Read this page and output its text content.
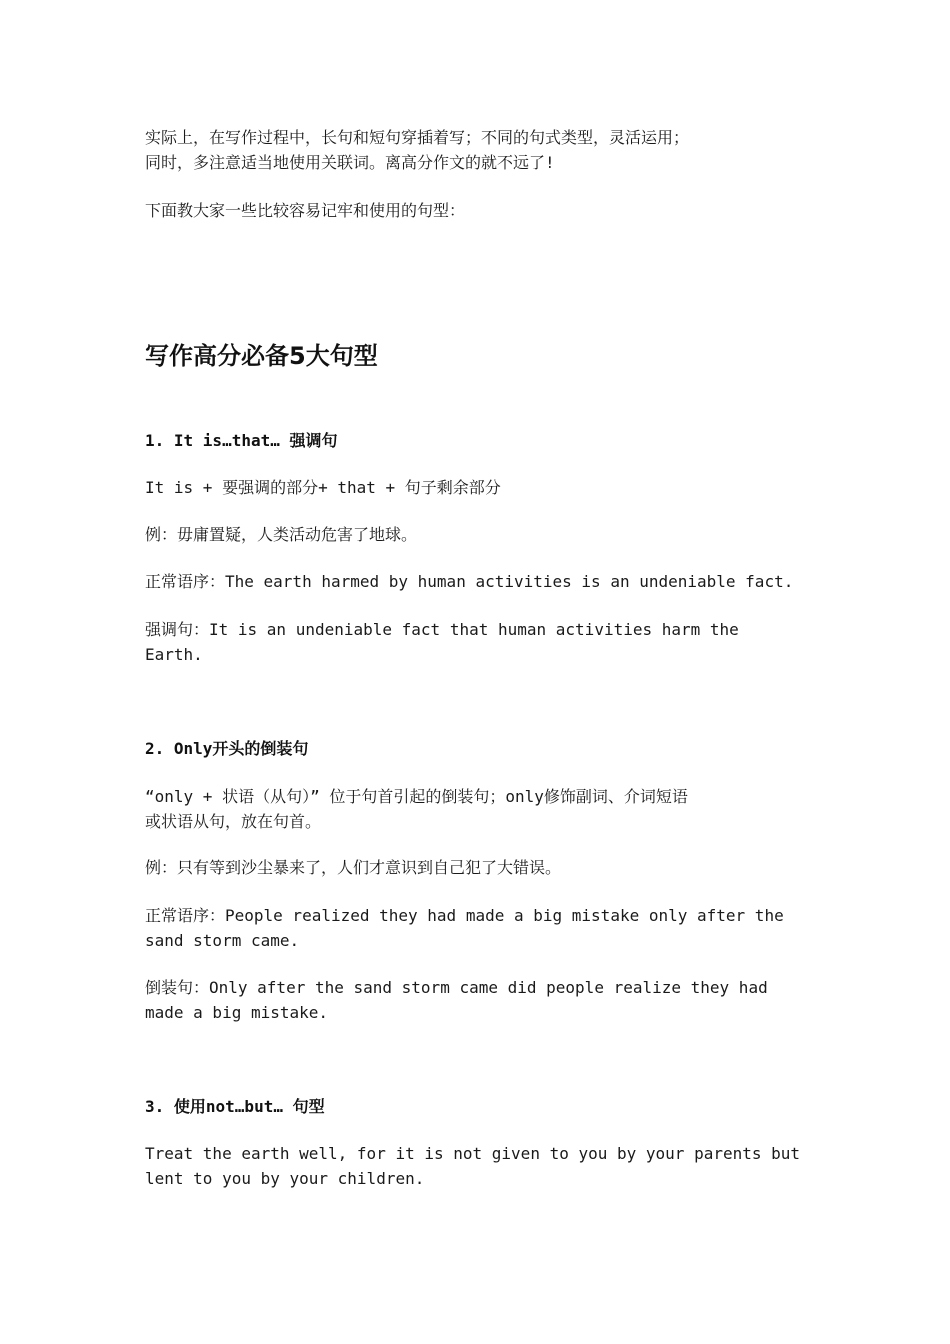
实际上，在写作过程中，长句和短句穿插着写；不同的句式类型，灵活运用；
同时，多注意适当地使用关联词。离高分作文的就不远了!

下面教大家一些比较容易记牢和使用的句型：

写作高分必备5大句型
1. It is…that… 强调句

It is + 要强调的部分+ that + 句子剩余部分

例：毋庸置疑，人类活动危害了地球。

正常语序：The earth harmed by human activities is an undeniable fact.

强调句：It is an undeniable fact that human activities harm the
Earth.

2. Only开头的倒装句

“only + 状语（从句）” 位于句首引起的倒装句；only修饰副词、介词短语
或状语从句，放在句首。

例：只有等到沙尘暴来了，人们才意识到自己犯了大错误。

正常语序：People realized they had made a big mistake only after the
sand storm came.

倒装句：Only after the sand storm came did people realize they had
made a big mistake.

3. 使用not…but… 句型

Treat the earth well, for it is not given to you by your parents but
lent to you by your children.
